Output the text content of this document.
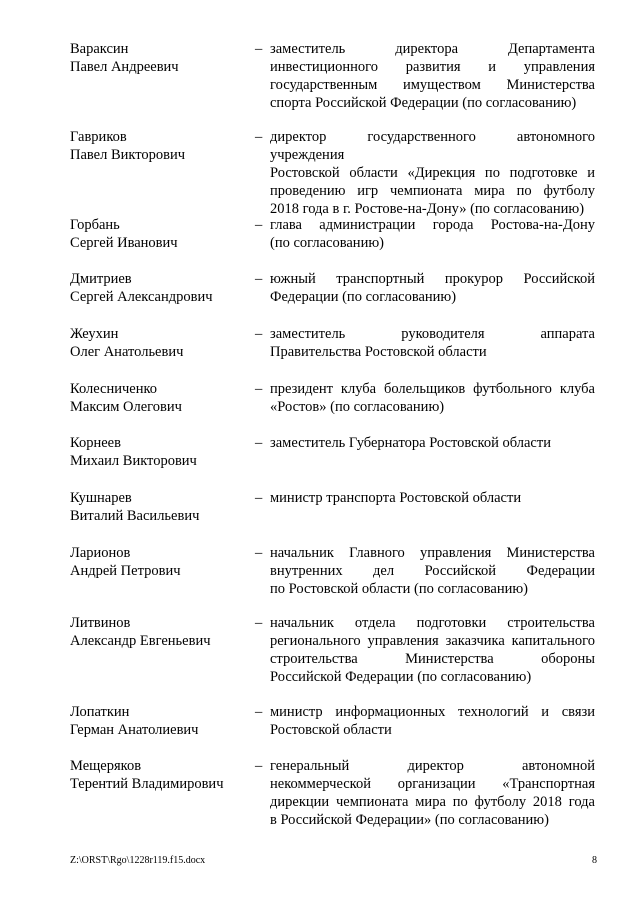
Вараксин
Павел Андреевич
– заместитель директора Департамента
инвестиционного развития и управления
государственным имуществом Министерства
спорта Российской Федерации (по согласованию)
Гавриков
Павел Викторович
– директор государственного автономного учреждения
Ростовской области «Дирекция по подготовке и
проведению игр чемпионата мира по футболу
2018 года в г. Ростове-на-Дону» (по согласованию)
Горбань
Сергей Иванович
– глава администрации города Ростова-на-Дону
(по согласованию)
Дмитриев
Сергей Александрович
– южный транспортный прокурор Российской
Федерации (по согласованию)
Жеухин
Олег Анатольевич
– заместитель руководителя аппарата
Правительства Ростовской области
Колесниченко
Максим Олегович
– президент клуба болельщиков футбольного клуба
«Ростов» (по согласованию)
Корнеев
Михаил Викторович
– заместитель Губернатора Ростовской области
Кушнарев
Виталий Васильевич
– министр транспорта Ростовской области
Ларионов
Андрей Петрович
– начальник Главного управления Министерства
внутренних дел Российской Федерации
по Ростовской области (по согласованию)
Литвинов
Александр Евгеньевич
– начальник отдела подготовки строительства
регионального управления заказчика капитального
строительства Министерства обороны
Российской Федерации (по согласованию)
Лопаткин
Герман Анатолиевич
– министр информационных технологий и связи
Ростовской области
Мещеряков
Терентий Владимирович
– генеральный директор автономной
некоммерческой организации «Транспортная
дирекции чемпионата мира по футболу 2018 года
в Российской Федерации» (по согласованию)
Z:\ORST\Rgo\1228r119.f15.docx	8
